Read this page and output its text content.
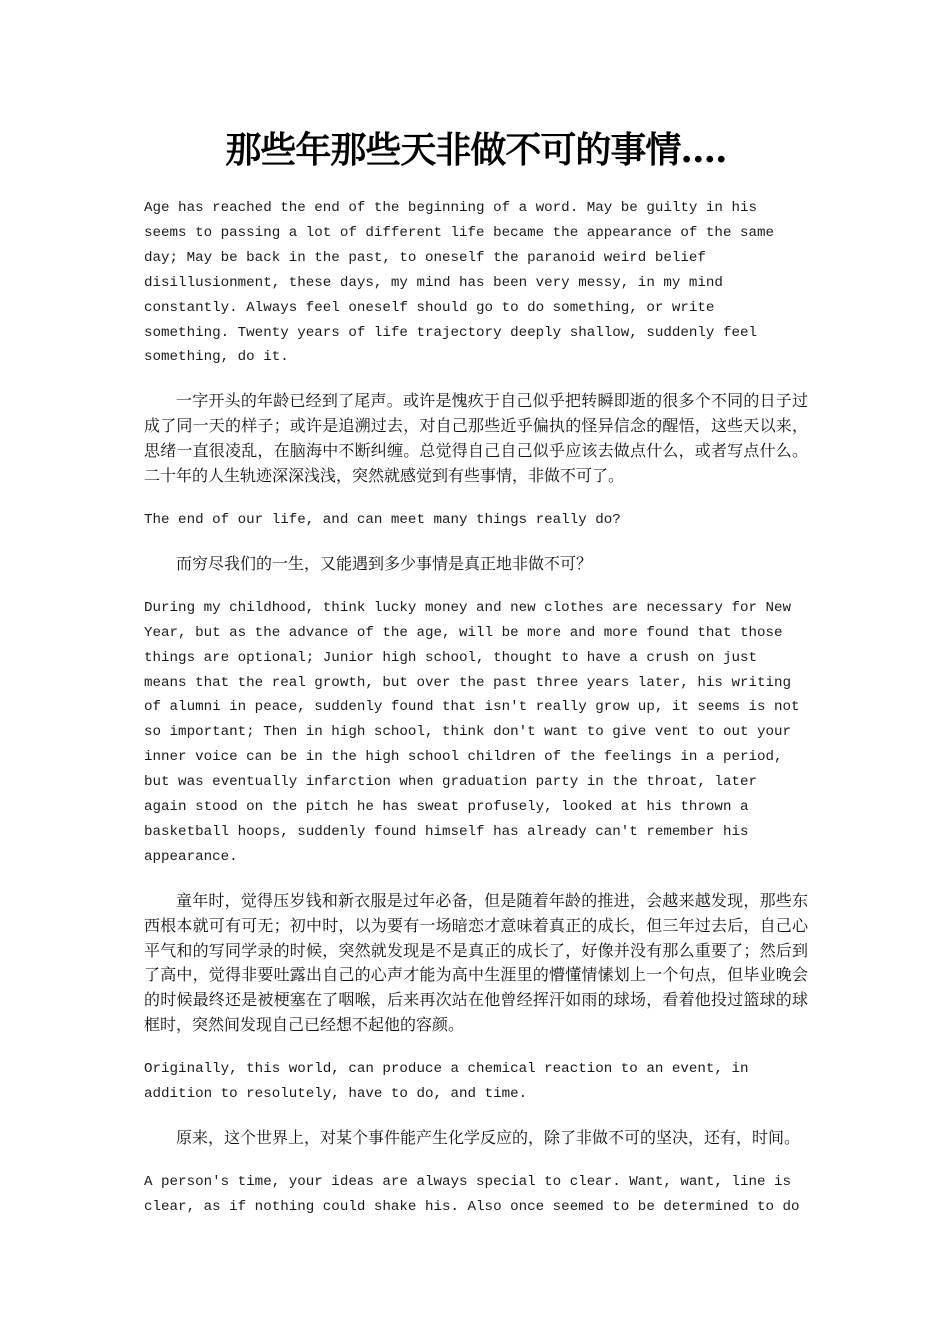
那些年那些天非做不可的事情....

Age has reached the end of the beginning of a word. May be guilty in his seems to passing a lot of different life became the appearance of the same day; May be back in the past, to oneself the paranoid weird belief disillusionment, these days, my mind has been very messy, in my mind constantly. Always feel oneself should go to do something, or write something. Twenty years of life trajectory deeply shallow, suddenly feel something, do it.

一字开头的年龄已经到了尾声。或许是愧疚于自己似乎把转瞬即逝的很多个不同的日子过成了同一天的样子；或许是追溯过去，对自己那些近乎偏执的怪异信念的醒悟，这些天以来，思绪一直很凌乱，在脑海中不断纠缠。总觉得自己自己似乎应该去做点什么，或者写点什么。二十年的人生轨迹深深浅浅，突然就感觉到有些事情，非做不可了。

The end of our life, and can meet many things really do?

而穷尽我们的一生，又能遇到多少事情是真正地非做不可？

During my childhood, think lucky money and new clothes are necessary for New Year, but as the advance of the age, will be more and more found that those things are optional; Junior high school, thought to have a crush on just means that the real growth, but over the past three years later, his writing of alumni in peace, suddenly found that isn't really grow up, it seems is not so important; Then in high school, think don't want to give vent to out your inner voice can be in the high school children of the feelings in a period, but was eventually infarction when graduation party in the throat, later again stood on the pitch he has sweat profusely, looked at his thrown a basketball hoops, suddenly found himself has already can't remember his appearance.

童年时，觉得压岁钱和新衣服是过年必备，但是随着年龄的推进，会越来越发现，那些东西根本就可有可无；初中时，以为要有一场暗恋才意味着真正的成长，但三年过去后，自己心平气和的写同学录的时候，突然就发现是不是真正的成长了，好像并没有那么重要了；然后到了高中，觉得非要吐露出自己的心声才能为高中生涯里的懵懂情愫划上一个句点，但毕业晚会的时候最终还是被梗塞在了咽喉，后来再次站在他曾经挥汗如雨的球场，看着他投过篮球的球框时，突然间发现自己已经想不起他的容颜。

Originally, this world, can produce a chemical reaction to an event, in addition to resolutely, have to do, and time.

原来，这个世界上，对某个事件能产生化学反应的，除了非做不可的坚决，还有，时间。

A person's time, your ideas are always special to clear. Want, want, line is clear, as if nothing could shake his. Also once seemed to be determined to do
